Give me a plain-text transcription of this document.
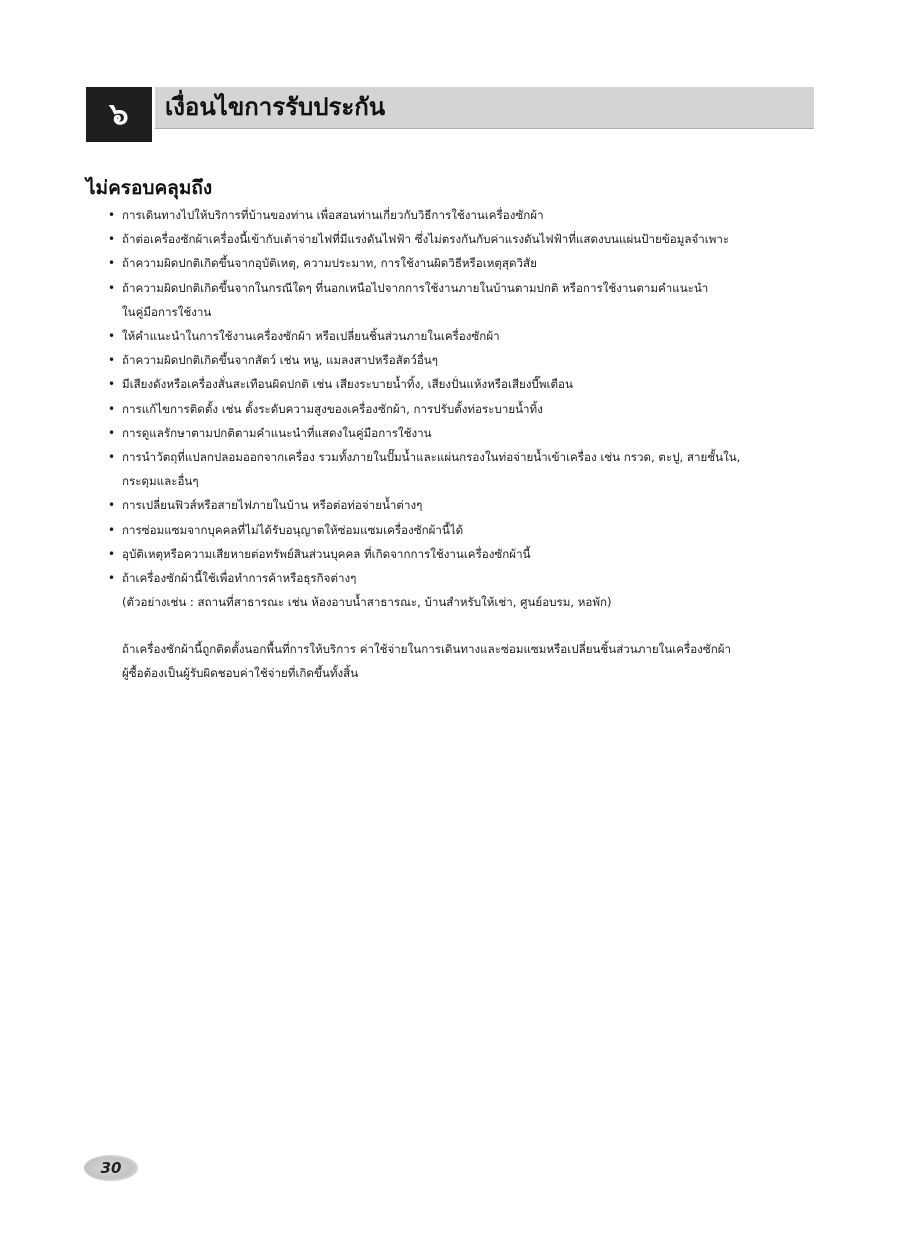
๖	เงื่อนไขการรับประกัน
ไม่ครอบคลุมถึง
• การเดินทางไปให้บริการที่บ้านของท่าน เพื่อสอนท่านเกี่ยวกับวิธีการใช้งานเครื่องซักผ้า
• ถ้าต่อเครื่องซักผ้าเครื่องนี้เข้ากับเต้าจ่ายไฟที่มีแรงดันไฟฟ้า ซึ่งไม่ตรงกันกับค่าแรงดันไฟฟ้าที่แสดงบนแผ่นป้ายข้อมูลจำเพาะ
• ถ้าความผิดปกติเกิดขึ้นจากอุบัติเหตุ, ความประมาท, การใช้งานผิดวิธีหรือเหตุสุดวิสัย
• ถ้าความผิดปกติเกิดขึ้นจากในกรณีใดๆ ที่นอกเหนือไปจากการใช้งานภายในบ้านตามปกติ หรือการใช้งานตามคำแนะนำ
ในคู่มือการใช้งาน
• ให้คำแนะนำในการใช้งานเครื่องซักผ้า หรือเปลี่ยนชิ้นส่วนภายในเครื่องซักผ้า
• ถ้าความผิดปกติเกิดขึ้นจากสัตว์ เช่น หนู, แมลงสาปหรือสัตว์อื่นๆ
• มีเสียงดังหรือเครื่องสั่นสะเทือนผิดปกติ เช่น เสียงระบายน้ำทิ้ง, เสียงปั่นแห้งหรือเสียงบี๊พเตือน
• การแก้ไขการติดตั้ง เช่น ตั้งระดับความสูงของเครื่องซักผ้า, การปรับตั้งท่อระบายน้ำทิ้ง
• การดูแลรักษาตามปกติตามคำแนะนำที่แสดงในคู่มือการใช้งาน
• การนำวัตถุที่แปลกปลอมออกจากเครื่อง รวมทั้งภายในปั๊มน้ำและแผ่นกรองในท่อจ่ายน้ำเข้าเครื่อง เช่น กรวด, ตะปู, สายชั้นใน,
กระดุมและอื่นๆ
• การเปลี่ยนฟิวส์หรือสายไฟภายในบ้าน หรือต่อท่อจ่ายน้ำต่างๆ
• การซ่อมแซมจากบุคคลที่ไม่ได้รับอนุญาตให้ซ่อมแซมเครื่องซักผ้านี้ได้
• อุบัติเหตุหรือความเสียหายต่อทรัพย์สินส่วนบุคคล ที่เกิดจากการใช้งานเครื่องซักผ้านี้
• ถ้าเครื่องซักผ้านี้ใช้เพื่อทำการค้าหรือธุรกิจต่างๆ
(ตัวอย่างเช่น : สถานที่สาธารณะ เช่น ห้องอาบน้ำสาธารณะ, บ้านสำหรับให้เช่า, ศูนย์อบรม, หอพัก)
ถ้าเครื่องซักผ้านี้ถูกติดตั้งนอกพื้นที่การให้บริการ ค่าใช้จ่ายในการเดินทางและซ่อมแซมหรือเปลี่ยนชิ้นส่วนภายในเครื่องซักผ้า
ผู้ซื้อต้องเป็นผู้รับผิดชอบค่าใช้จ่ายที่เกิดขึ้นทั้งสิ้น
30
